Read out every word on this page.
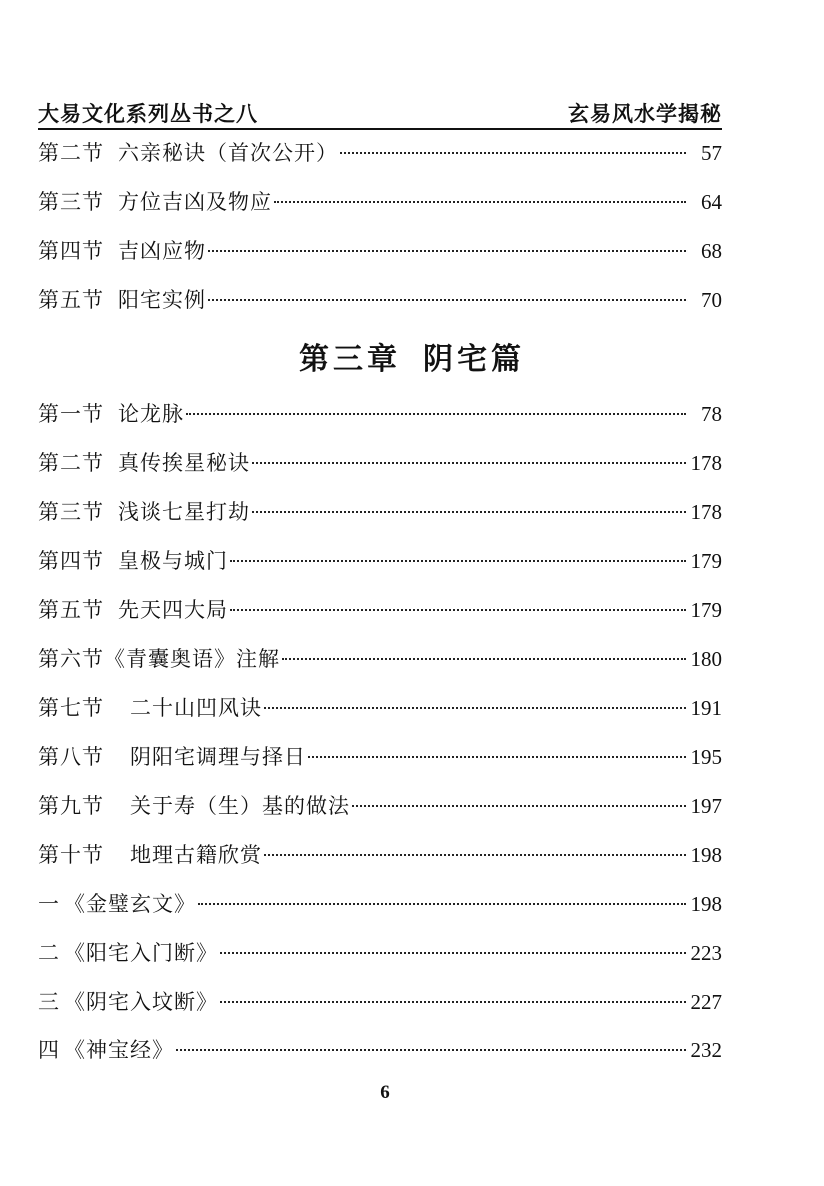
大易文化系列丛书之八	玄易风水学揭秘
第二节 六亲秘诀（首次公开）	57
第三节 方位吉凶及物应	64
第四节 吉凶应物	68
第五节 阳宅实例	70
第三章 阴宅篇
第一节 论龙脉	78
第二节 真传挨星秘诀	178
第三节 浅谈七星打劫	178
第四节 皇极与城门	179
第五节 先天四大局	179
第六节《青囊奥语》注解	180
第七节 二十山凹风诀	191
第八节 阴阳宅调理与择日	195
第九节 关于寿（生）基的做法	197
第十节 地理古籍欣赏	198
一 《金璧玄文》	198
二 《阳宅入门断》	223
三 《阴宅入坟断》	227
四 《神宝经》	232
6
